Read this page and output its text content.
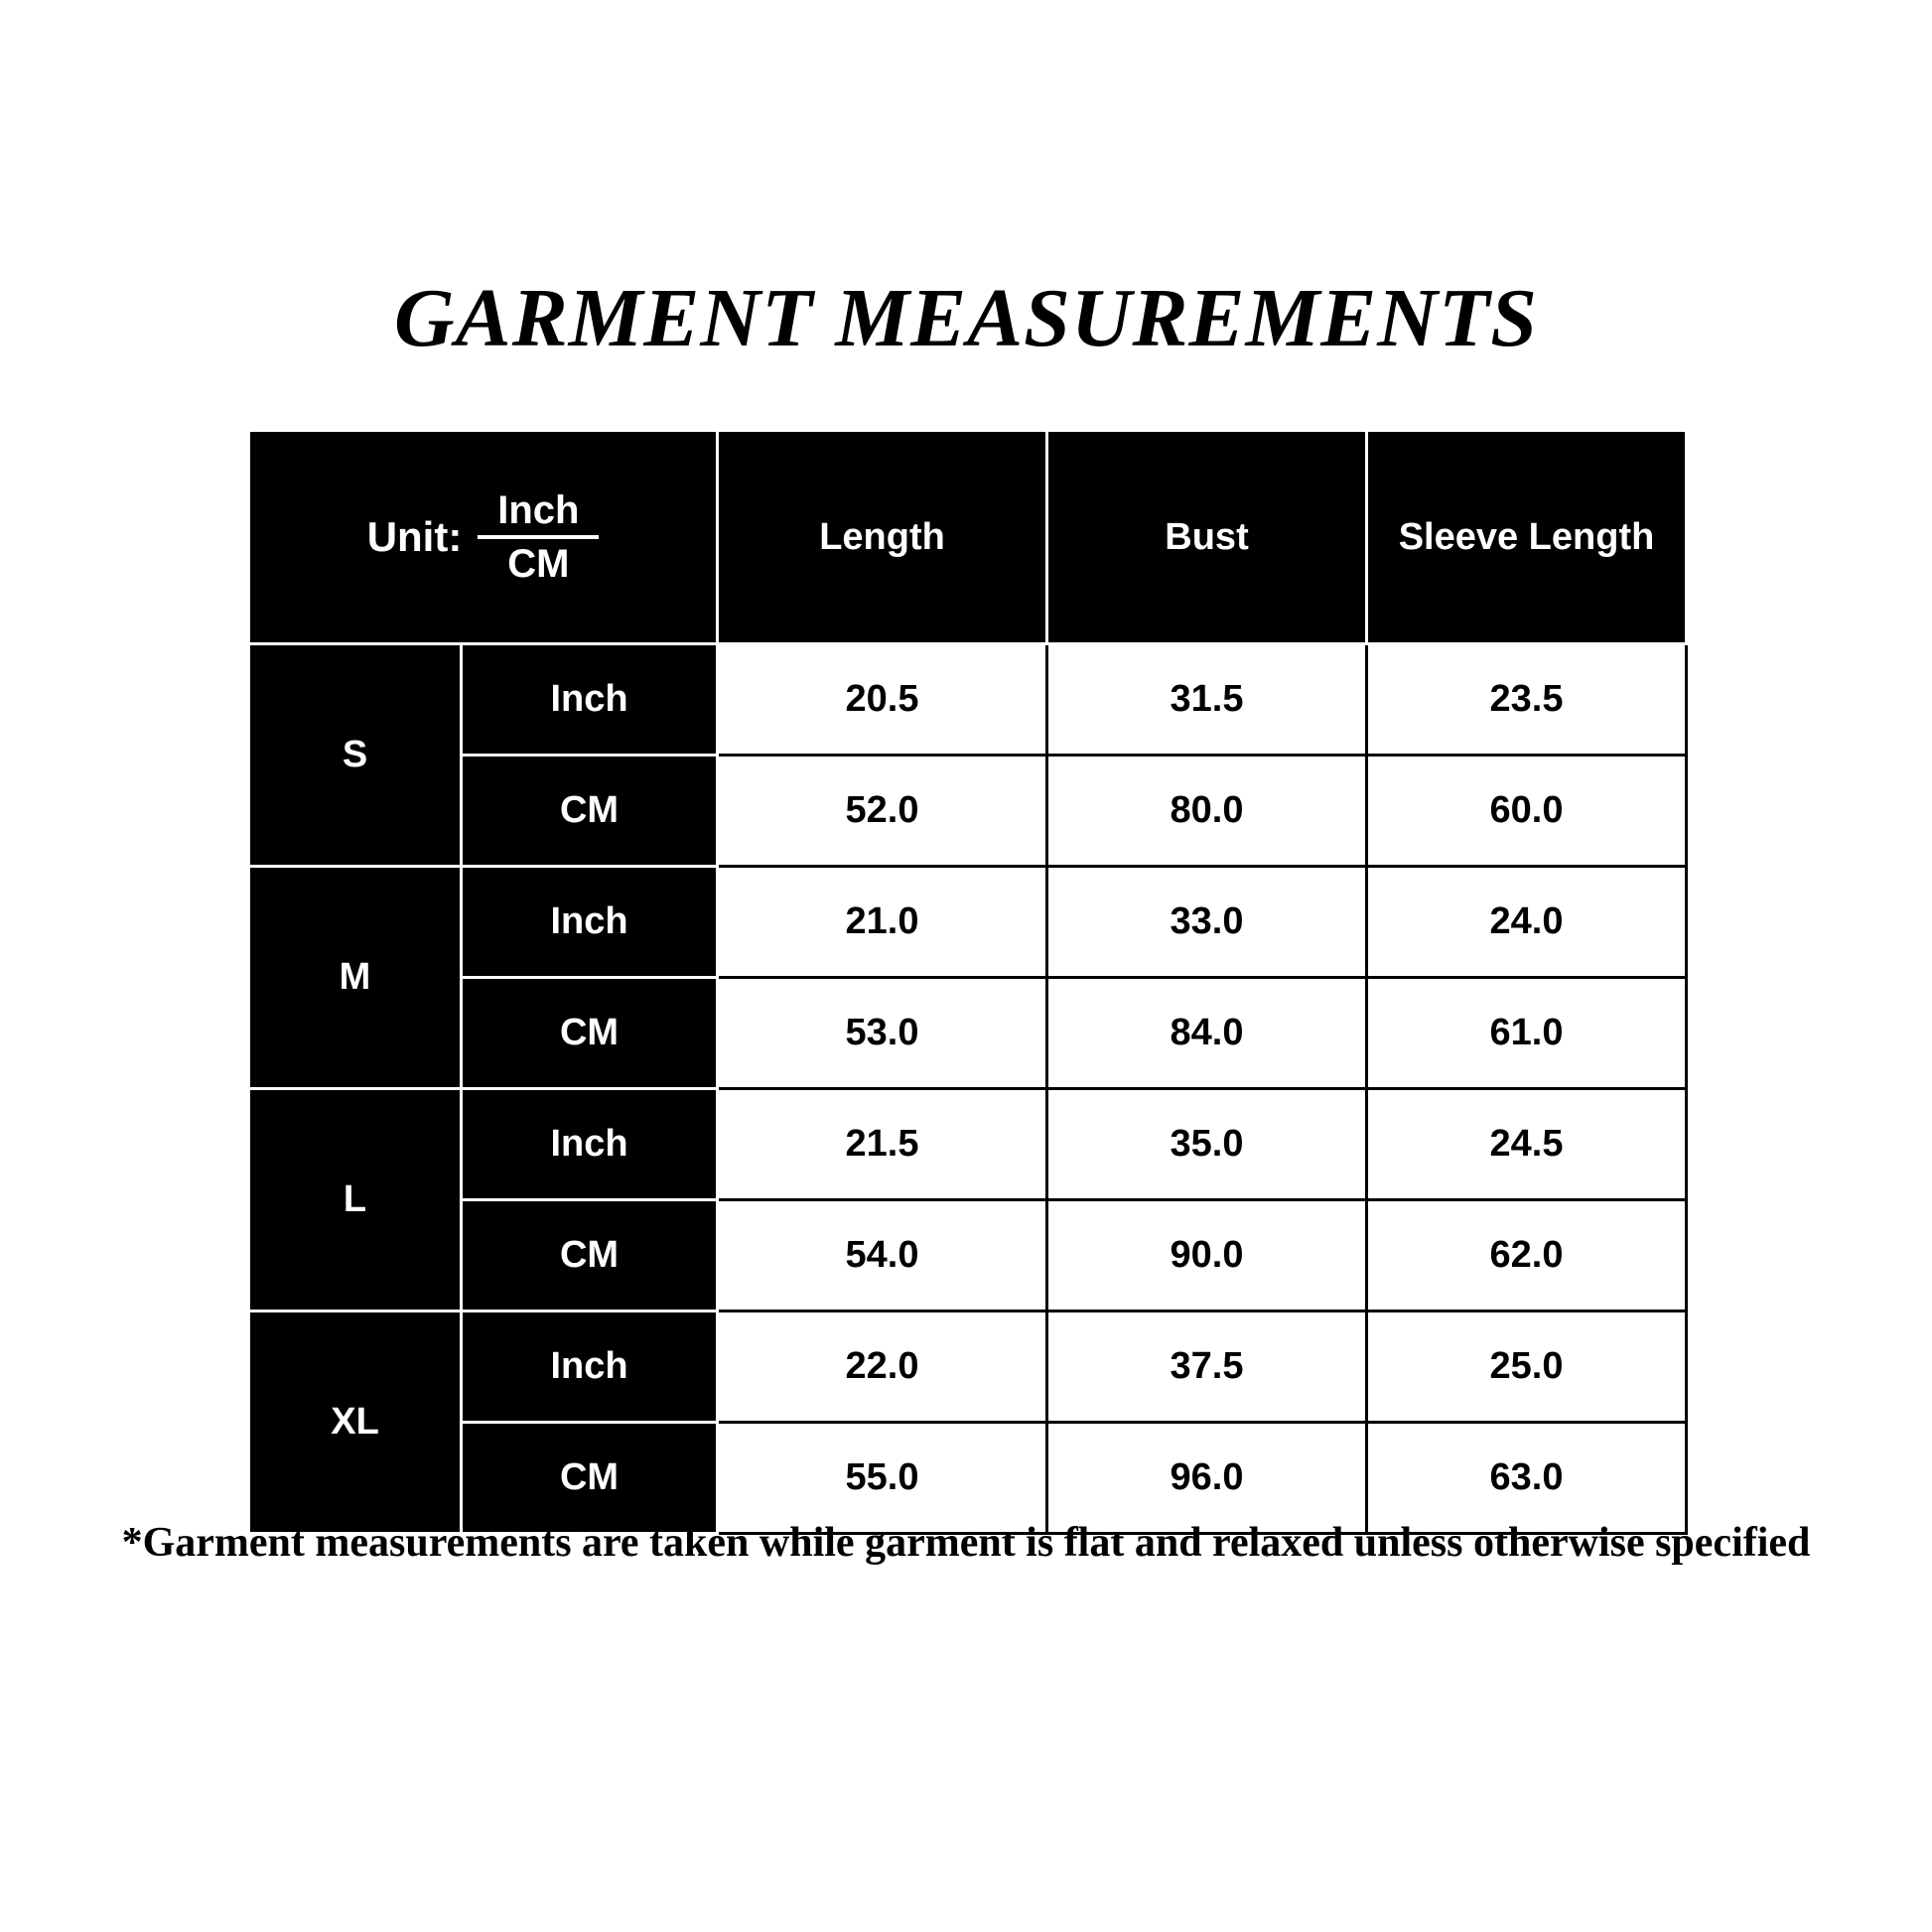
GARMENT MEASUREMENTS
Unit: $\frac{\text{Inch}}{CM}$		Length	Bust	Sleeve Length
S	Inch	20.5	31.5	23.5
	CM	52.0	80.0	60.0
M	Inch	21.0	33.0	24.0
	CM	53.0	84.0	61.0
L	Inch	21.5	35.0	24.5
	CM	54.0	90.0	62.0
XL	Inch	22.0	37.5	25.0
	CM	55.0	96.0	63.0
*Garment measurements are taken while garment is flat and relaxed unless otherwise specified
